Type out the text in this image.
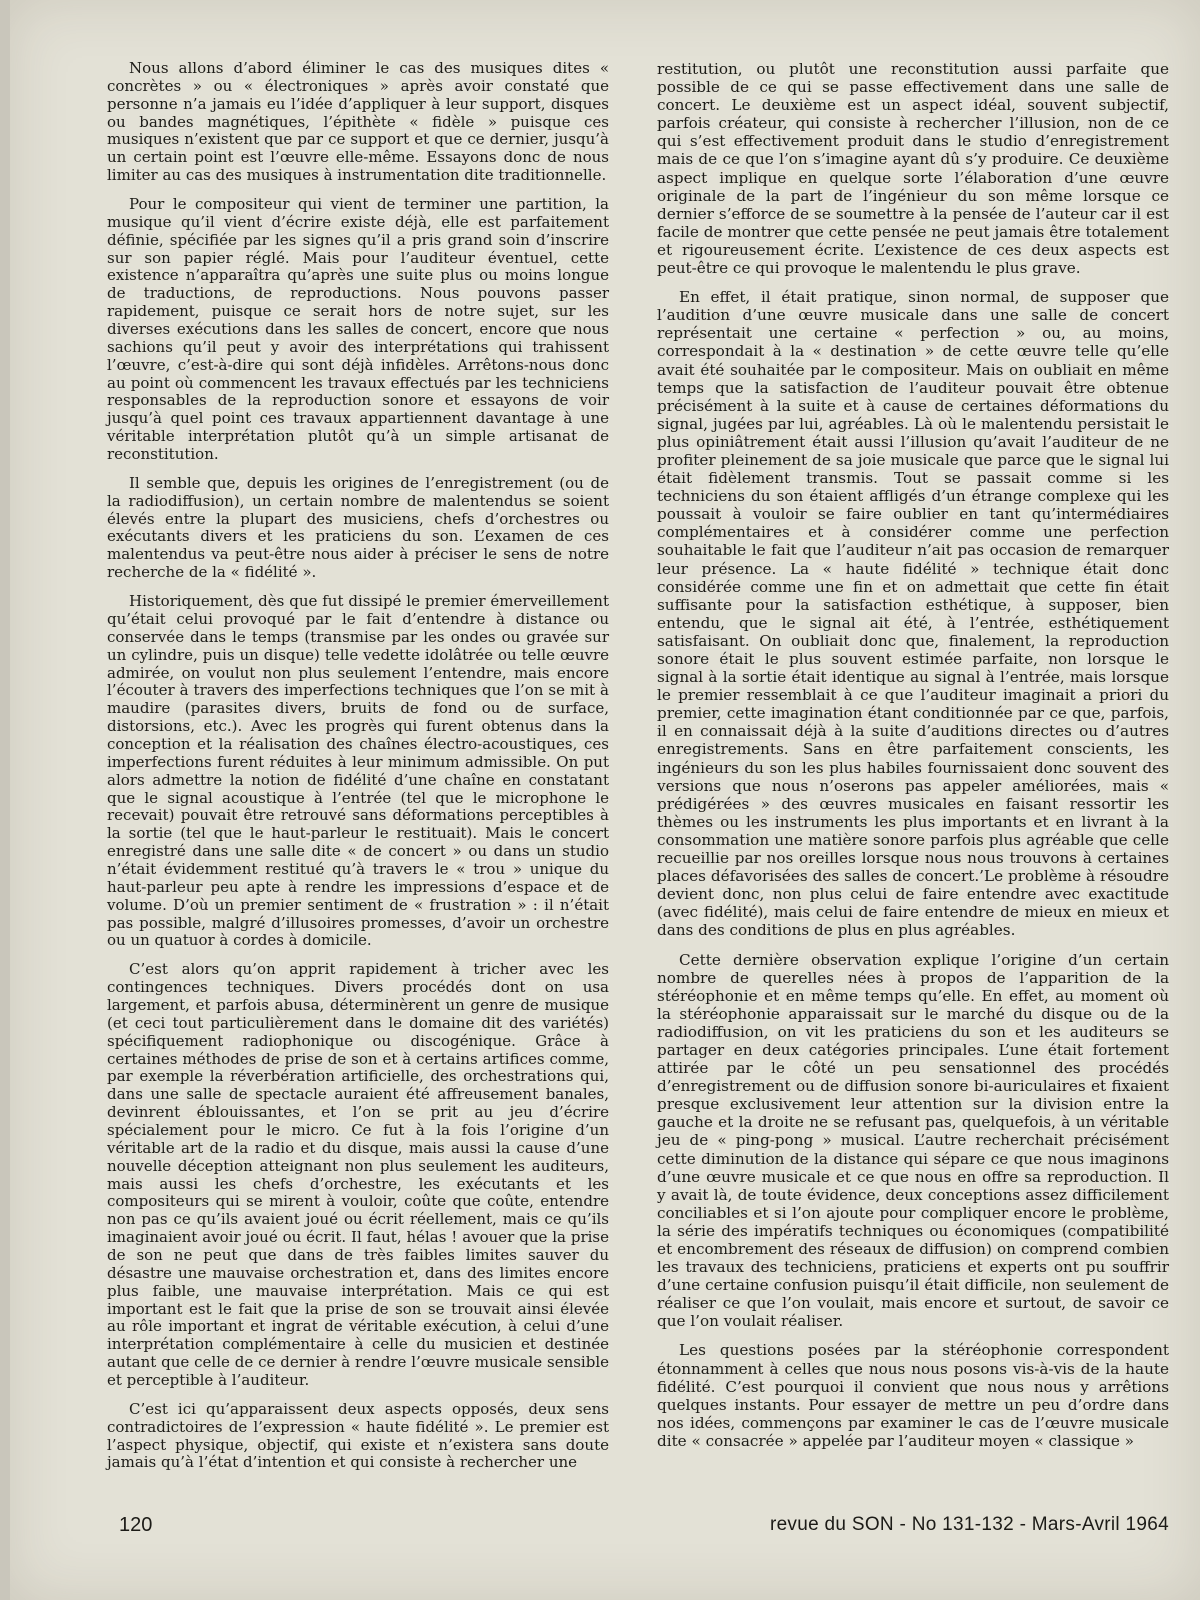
Nous allons d’abord éliminer le cas des musiques dites « concrètes » ou « électroniques » après avoir constaté que personne n’a jamais eu l’idée d’appliquer à leur support, disques ou bandes magnétiques, l’épithète « fidèle » puisque ces musiques n’existent que par ce support et que ce dernier, jusqu’à un certain point est l’œuvre elle-même. Essayons donc de nous limiter au cas des musiques à instrumentation dite traditionnelle.

Pour le compositeur qui vient de terminer une partition, la musique qu’il vient d’écrire existe déjà, elle est parfaitement définie, spécifiée par les signes qu’il a pris grand soin d’inscrire sur son papier réglé. Mais pour l’auditeur éventuel, cette existence n’apparaîtra qu’après une suite plus ou moins longue de traductions, de reproductions. Nous pouvons passer rapidement, puisque ce serait hors de notre sujet, sur les diverses exécutions dans les salles de concert, encore que nous sachions qu’il peut y avoir des interprétations qui trahissent l’œuvre, c’est-à-dire qui sont déjà infidèles. Arrêtons-nous donc au point où commencent les travaux effectués par les techniciens responsables de la reproduction sonore et essayons de voir jusqu’à quel point ces travaux appartiennent davantage à une véritable interprétation plutôt qu’à un simple artisanat de reconstitution.

Il semble que, depuis les origines de l’enregistrement (ou de la radiodiffusion), un certain nombre de malentendus se soient élevés entre la plupart des musiciens, chefs d’orchestres ou exécutants divers et les praticiens du son. L’examen de ces malentendus va peut-être nous aider à préciser le sens de notre recherche de la « fidélité ».

Historiquement, dès que fut dissipé le premier émerveillement qu’était celui provoqué par le fait d’entendre à distance ou conservée dans le temps (transmise par les ondes ou gravée sur un cylindre, puis un disque) telle vedette idolâtrée ou telle œuvre admirée, on voulut non plus seulement l’entendre, mais encore l’écouter à travers des imperfections techniques que l’on se mit à maudire (parasites divers, bruits de fond ou de surface, distorsions, etc.). Avec les progrès qui furent obtenus dans la conception et la réalisation des chaînes électro-acoustiques, ces imperfections furent réduites à leur minimum admissible. On put alors admettre la notion de fidélité d’une chaîne en constatant que le signal acoustique à l’entrée (tel que le microphone le recevait) pouvait être retrouvé sans déformations perceptibles à la sortie (tel que le haut-parleur le restituait). Mais le concert enregistré dans une salle dite « de concert » ou dans un studio n’était évidemment restitué qu’à travers le « trou » unique du haut-parleur peu apte à rendre les impressions d’espace et de volume. D’où un premier sentiment de « frustration » : il n’était pas possible, malgré d’illusoires promesses, d’avoir un orchestre ou un quatuor à cordes à domicile.

C’est alors qu’on apprit rapidement à tricher avec les contingences techniques. Divers procédés dont on usa largement, et parfois abusa, déterminèrent un genre de musique (et ceci tout particulièrement dans le domaine dit des variétés) spécifiquement radiophonique ou discogénique. Grâce à certaines méthodes de prise de son et à certains artifices comme, par exemple la réverbération artificielle, des orchestrations qui, dans une salle de spectacle auraient été affreusement banales, devinrent éblouissantes, et l’on se prit au jeu d’écrire spécialement pour le micro. Ce fut à la fois l’origine d’un véritable art de la radio et du disque, mais aussi la cause d’une nouvelle déception atteignant non plus seulement les auditeurs, mais aussi les chefs d’orchestre, les exécutants et les compositeurs qui se mirent à vouloir, coûte que coûte, entendre non pas ce qu’ils avaient joué ou écrit réellement, mais ce qu’ils imaginaient avoir joué ou écrit. Il faut, hélas ! avouer que la prise de son ne peut que dans de très faibles limites sauver du désastre une mauvaise orchestration et, dans des limites encore plus faible, une mauvaise interprétation. Mais ce qui est important est le fait que la prise de son se trouvait ainsi élevée au rôle important et ingrat de véritable exécution, à celui d’une interprétation complémentaire à celle du musicien et destinée autant que celle de ce dernier à rendre l’œuvre musicale sensible et perceptible à l’auditeur.

C’est ici qu’apparaissent deux aspects opposés, deux sens contradictoires de l’expression « haute fidélité ». Le premier est l’aspect physique, objectif, qui existe et n’existera sans doute jamais qu’à l’état d’intention et qui consiste à rechercher une

restitution, ou plutôt une reconstitution aussi parfaite que possible de ce qui se passe effectivement dans une salle de concert. Le deuxième est un aspect idéal, souvent subjectif, parfois créateur, qui consiste à rechercher l’illusion, non de ce qui s’est effectivement produit dans le studio d’enregistrement mais de ce que l’on s’imagine ayant dû s’y produire. Ce deuxième aspect implique en quelque sorte l’élaboration d’une œuvre originale de la part de l’ingénieur du son même lorsque ce dernier s’efforce de se soumettre à la pensée de l’auteur car il est facile de montrer que cette pensée ne peut jamais être totalement et rigoureusement écrite. L’existence de ces deux aspects est peut-être ce qui provoque le malentendu le plus grave.

En effet, il était pratique, sinon normal, de supposer que l’audition d’une œuvre musicale dans une salle de concert représentait une certaine « perfection » ou, au moins, correspondait à la « destination » de cette œuvre telle qu’elle avait été souhaitée par le compositeur. Mais on oubliait en même temps que la satisfaction de l’auditeur pouvait être obtenue précisément à la suite et à cause de certaines déformations du signal, jugées par lui, agréables. Là où le malentendu persistait le plus opiniâtrement était aussi l’illusion qu’avait l’auditeur de ne profiter pleinement de sa joie musicale que parce que le signal lui était fidèlement transmis. Tout se passait comme si les techniciens du son étaient affligés d’un étrange complexe qui les poussait à vouloir se faire oublier en tant qu’intermédiaires complémentaires et à considérer comme une perfection souhaitable le fait que l’auditeur n’ait pas occasion de remarquer leur présence. La « haute fidélité » technique était donc considérée comme une fin et on admettait que cette fin était suffisante pour la satisfaction esthétique, à supposer, bien entendu, que le signal ait été, à l’entrée, esthétiquement satisfaisant. On oubliait donc que, finalement, la reproduction sonore était le plus souvent estimée parfaite, non lorsque le signal à la sortie était identique au signal à l’entrée, mais lorsque le premier ressemblait à ce que l’auditeur imaginait a priori du premier, cette imagination étant conditionnée par ce que, parfois, il en connaissait déjà à la suite d’auditions directes ou d’autres enregistrements. Sans en être parfaitement conscients, les ingénieurs du son les plus habiles fournissaient donc souvent des versions que nous n’oserons pas appeler améliorées, mais « prédigérées » des œuvres musicales en faisant ressortir les thèmes ou les instruments les plus importants et en livrant à la consommation une matière sonore parfois plus agréable que celle recueillie par nos oreilles lorsque nous nous trouvons à certaines places défavorisées des salles de concert.’Le problème à résoudre devient donc, non plus celui de faire entendre avec exactitude (avec fidélité), mais celui de faire entendre de mieux en mieux et dans des conditions de plus en plus agréables.

Cette dernière observation explique l’origine d’un certain nombre de querelles nées à propos de l’apparition de la stéréophonie et en même temps qu’elle. En effet, au moment où la stéréophonie apparaissait sur le marché du disque ou de la radiodiffusion, on vit les praticiens du son et les auditeurs se partager en deux catégories principales. L’une était fortement attirée par le côté un peu sensationnel des procédés d’enregistrement ou de diffusion sonore bi-auriculaires et fixaient presque exclusivement leur attention sur la division entre la gauche et la droite ne se refusant pas, quelquefois, à un véritable jeu de « ping-pong » musical. L’autre recherchait précisément cette diminution de la distance qui sépare ce que nous imaginons d’une œuvre musicale et ce que nous en offre sa reproduction. Il y avait là, de toute évidence, deux conceptions assez difficilement conciliables et si l’on ajoute pour compliquer encore le problème, la série des impératifs techniques ou économiques (compatibilité et encombrement des réseaux de diffusion) on comprend combien les travaux des techniciens, praticiens et experts ont pu souffrir d’une certaine confusion puisqu’il était difficile, non seulement de réaliser ce que l’on voulait, mais encore et surtout, de savoir ce que l’on voulait réaliser.

Les questions posées par la stéréophonie correspondent étonnamment à celles que nous nous posons vis-à-vis de la haute fidélité. C’est pourquoi il convient que nous nous y arrêtions quelques instants. Pour essayer de mettre un peu d’ordre dans nos idées, commençons par examiner le cas de l’œuvre musicale dite « consacrée » appelée par l’auditeur moyen « classique »

120	revue du SON - No 131-132 - Mars-Avril 1964
